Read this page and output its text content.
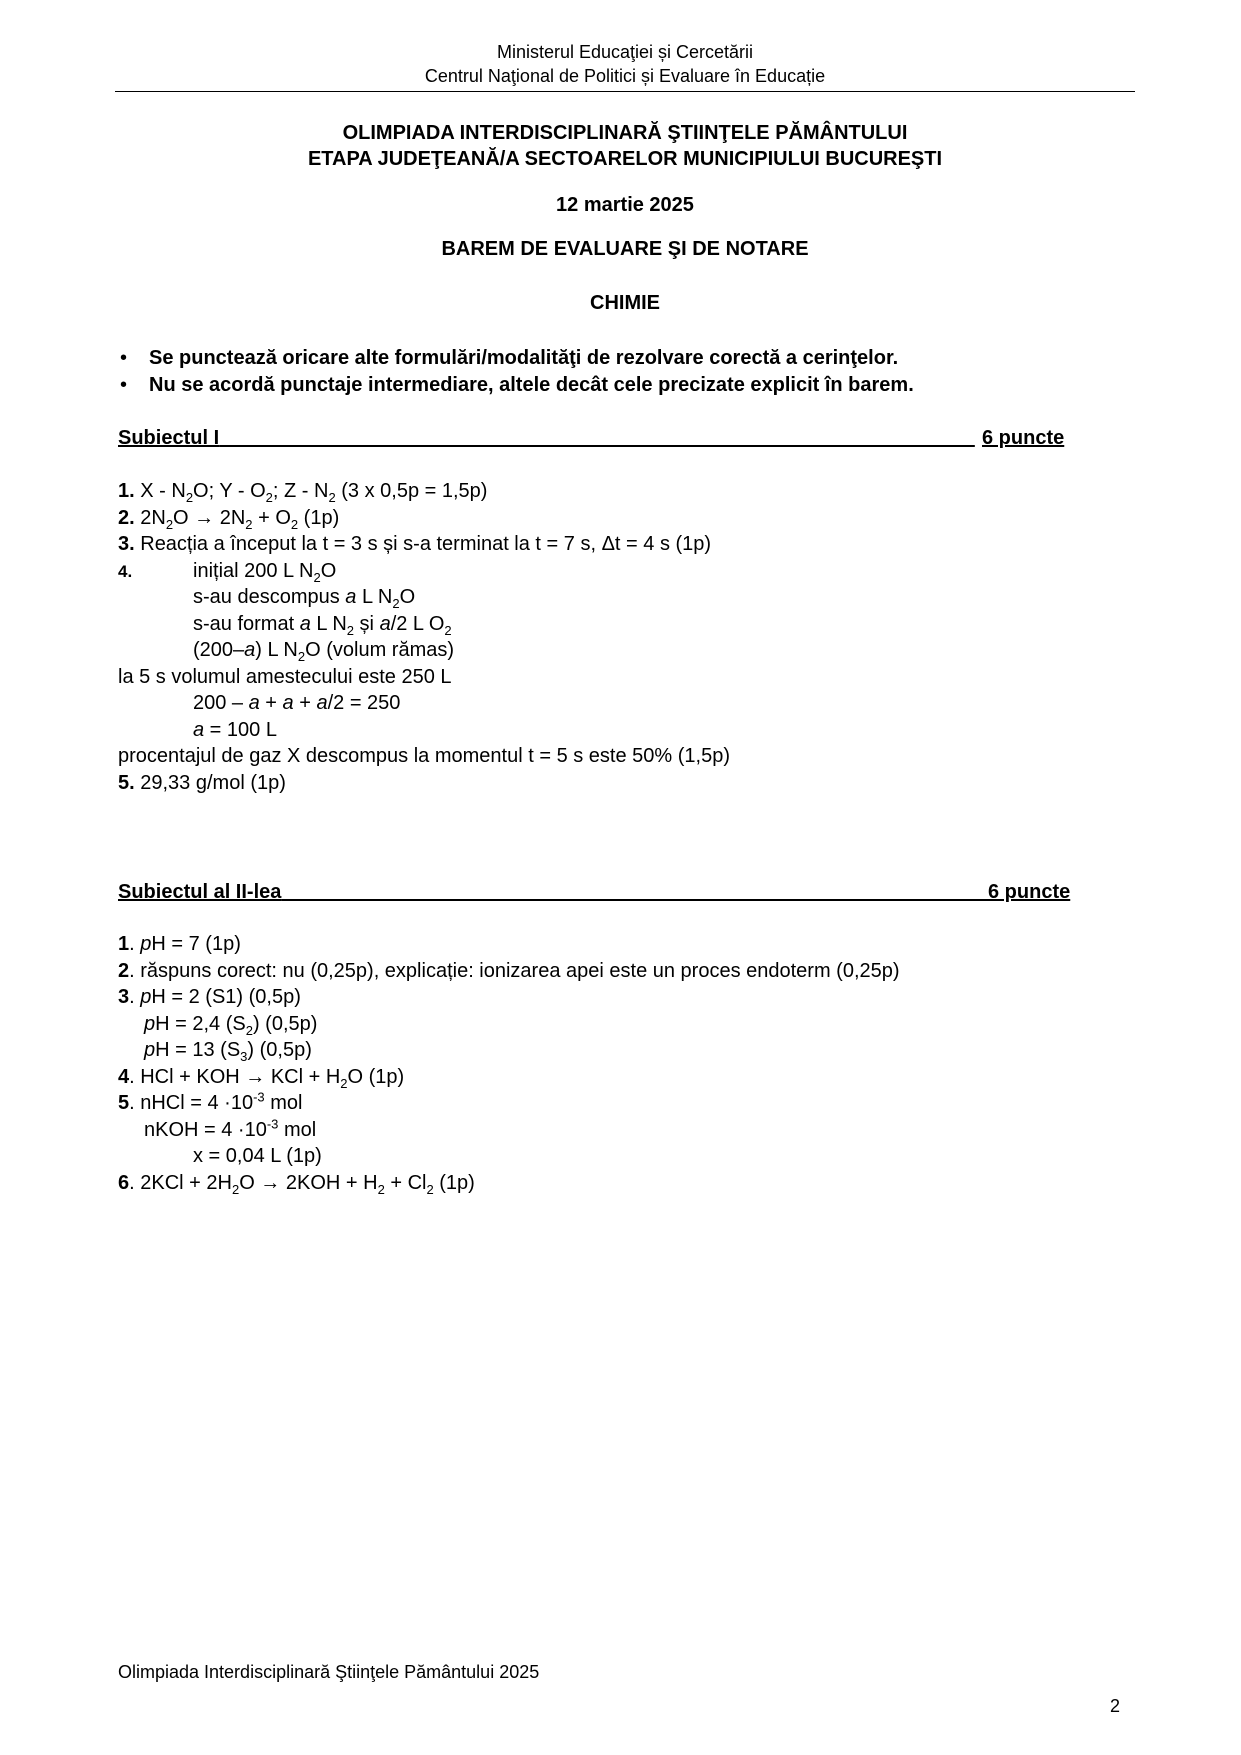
Ministerul Educaţiei și Cercetării
Centrul Naţional de Politici și Evaluare în Educație
OLIMPIADA INTERDISCIPLINARĂ ŞTIINŢELE PĂMÂNTULUI
ETAPA JUDEŢEANĂ/A SECTOARELOR MUNICIPIULUI BUCUREŞTI
12 martie 2025
BAREM DE EVALUARE ŞI DE NOTARE
CHIMIE
• Se punctează oricare alte formulări/modalităţi de rezolvare corectă a cerinţelor.
• Nu se acordă punctaje intermediare, altele decât cele precizate explicit în barem.
Subiectul I	6 puncte
1. X - $N_2O$; Y - $O_2$; Z - $N_2$ (3 x 0,5p = 1,5p)
2. $2N_2O \to 2N_2 + O_2$ (1p)
3. Reacția a început la t = 3 s și s-a terminat la t = 7 s, Δt = 4 s (1p)
4.	inițial 200 L $N_2O$
s-au descompus a L $N_2O$
s-au format a L $N_2$ și a/2 L $O_2$
(200–a) L $N_2O$ (volum rămas)
la 5 s volumul amestecului este 250 L
200 – a + a + a/2 = 250
a = 100 L
procentajul de gaz X descompus la momentul t = 5 s este 50% (1,5p)
5. 29,33 g/mol (1p)
Subiectul al II-lea	6 puncte
1. pH = 7 (1p)
2. răspuns corect: nu (0,25p), explicație: ionizarea apei este un proces endoterm (0,25p)
3. pH = 2 (S1) (0,5p)
pH = 2,4 $(S_2)$ (0,5p)
pH = 13 $(S_3)$ (0,5p)
4. HCl + KOH → KCl + $H_2O$ (1p)
5. nHCl = $4 \cdot 10^{-3}$ mol
nKOH = $4 \cdot 10^{-3}$ mol
x = 0,04 L (1p)
6. $2KCl + 2H_2O \to 2KOH + H_2 + Cl_2$ (1p)
Olimpiada Interdisciplinară Ştiinţele Pământului 2025
2
